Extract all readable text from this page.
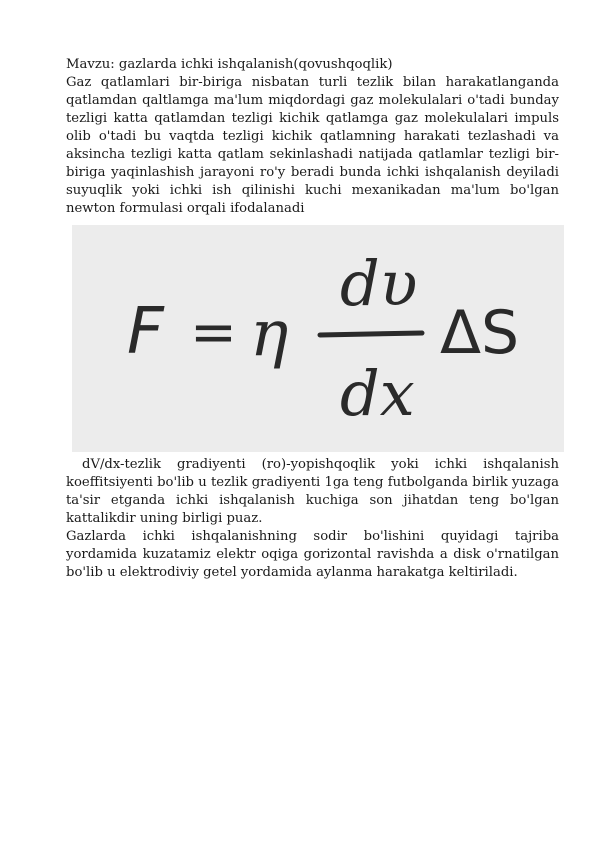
Mavzu: gazlarda ichki ishqalanish(qovushqoqlik)

Gaz qatlamlari bir-biriga nisbatan turli tezlik bilan harakatlanganda qatlamdan qaltlamga ma'lum miqdordagi gaz molekulalari o'tadi bunday tezligi katta qatlamdan tezligi kichik qatlamga gaz molekulalari impuls olib o'tadi bu vaqtda tezligi kichik qatlamning harakati tezlashadi va aksincha tezligi katta qatlam sekinlashadi natijada qatlamlar tezligi bir-biriga yaqinlashish jarayoni ro'y beradi bunda ichki ishqalanish deyiladi suyuqlik yoki ichki ish qilinishi kuchi mexanikadan ma'lum bo'lgan newton formulasi orqali ifodalanadi

F = η
dυ
dx
ΔS

dV/dx-tezlik gradiyenti (ro)-yopishqoqlik yoki ichki ishqalanish koeffitsiyenti bo'lib u tezlik gradiyenti 1ga teng futbolganda birlik yuzaga ta'sir etganda ichki ishqalanish kuchiga son jihatdan teng bo'lgan kattalikdir uning birligi puaz.

Gazlarda ichki ishqalanishning sodir bo'lishini quyidagi tajriba yordamida kuzatamiz elektr oqiga gorizontal ravishda a disk o'rnatilgan bo'lib u elektrodiviy getel yordamida aylanma harakatga keltiriladi.
